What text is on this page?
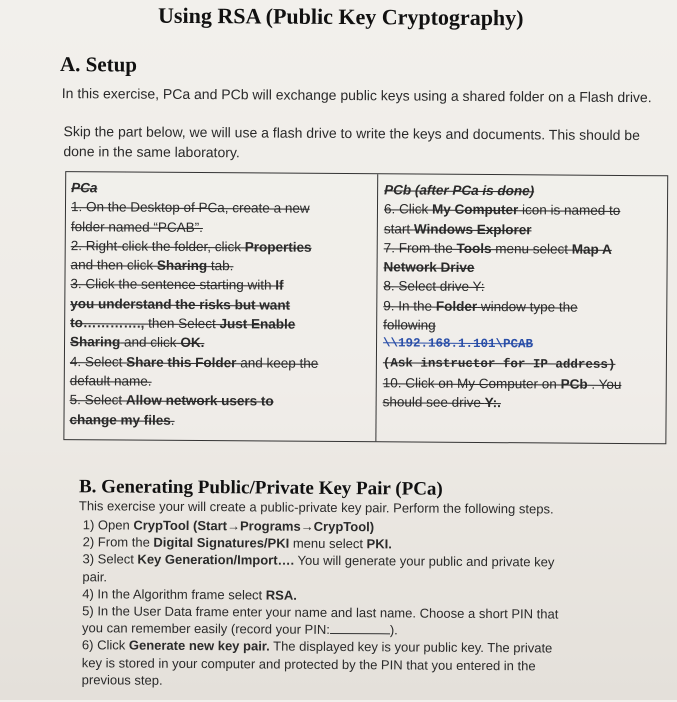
Using RSA (Public Key Cryptography)
A. Setup
In this exercise, PCa and PCb will exchange public keys using a shared folder on a Flash drive.
Skip the part below, we will use a flash drive to write the keys and documents. This should be done in the same laboratory.
PCa
1. On the Desktop of PCa, create a new
folder named “PCAB”.
2. Right-click the folder, click Properties
and then click Sharing tab.
3. Click the sentence starting with If
you understand the risks but want
to…………., then Select Just Enable
Sharing and click OK.
4. Select Share this Folder and keep the
default name.
5. Select Allow network users to
change my files.
PCb (after PCa is done)
6. Click My Computer icon is named to
start Windows Explorer
7. From the Tools menu select Map A
Network Drive
8. Select drive Y:
9. In the Folder window type the
following
\\192.168.1.101\PCAB
(Ask instructor for IP address)
10. Click on My Computer on PCb . You
should see drive Y:.
B. Generating Public/Private Key Pair (PCa)
This exercise your will create a public-private key pair. Perform the following steps.
1) Open CrypTool (Start→Programs→CrypTool)
2) From the Digital Signatures/PKI menu select PKI.
3) Select Key Generation/Import…. You will generate your public and private key
pair.
4) In the Algorithm frame select RSA.
5) In the User Data frame enter your name and last name. Choose a short PIN that
you can remember easily (record your PIN:	).
6) Click Generate new key pair. The displayed key is your public key. The private
key is stored in your computer and protected by the PIN that you entered in the
previous step.
